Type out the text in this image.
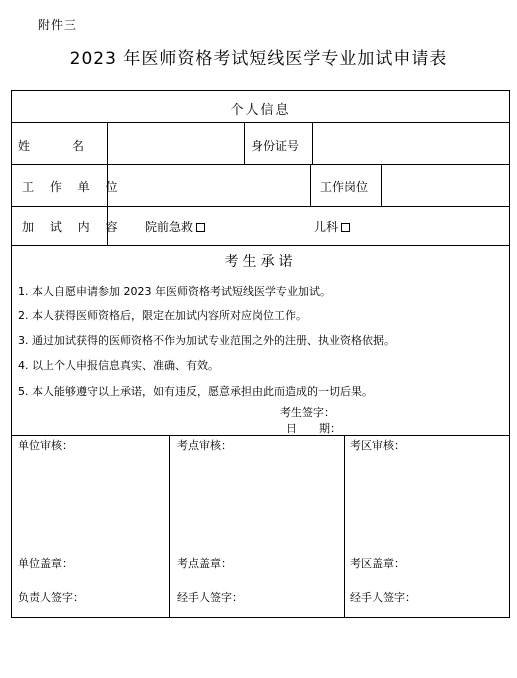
附件三
2023 年医师资格考试短线医学专业加试申请表
个人信息
姓　　名	身份证号
工 作 单 位	工作岗位
加 试 内 容 院前急救	儿科
考生承诺
1. 本人自愿申请参加 2023 年医师资格考试短线医学专业加试。
2. 本人获得医师资格后，限定在加试内容所对应岗位工作。
3. 通过加试获得的医师资格不作为加试专业范围之外的注册、执业资格依据。
4. 以上个人申报信息真实、准确、有效。
5. 本人能够遵守以上承诺，如有违反，愿意承担由此而造成的一切后果。
考生签字：
日　　期：
单位审核：	考点审核：	考区审核：
单位盖章：	考点盖章：	考区盖章：
负责人签字：	经手人签字：	经手人签字：
